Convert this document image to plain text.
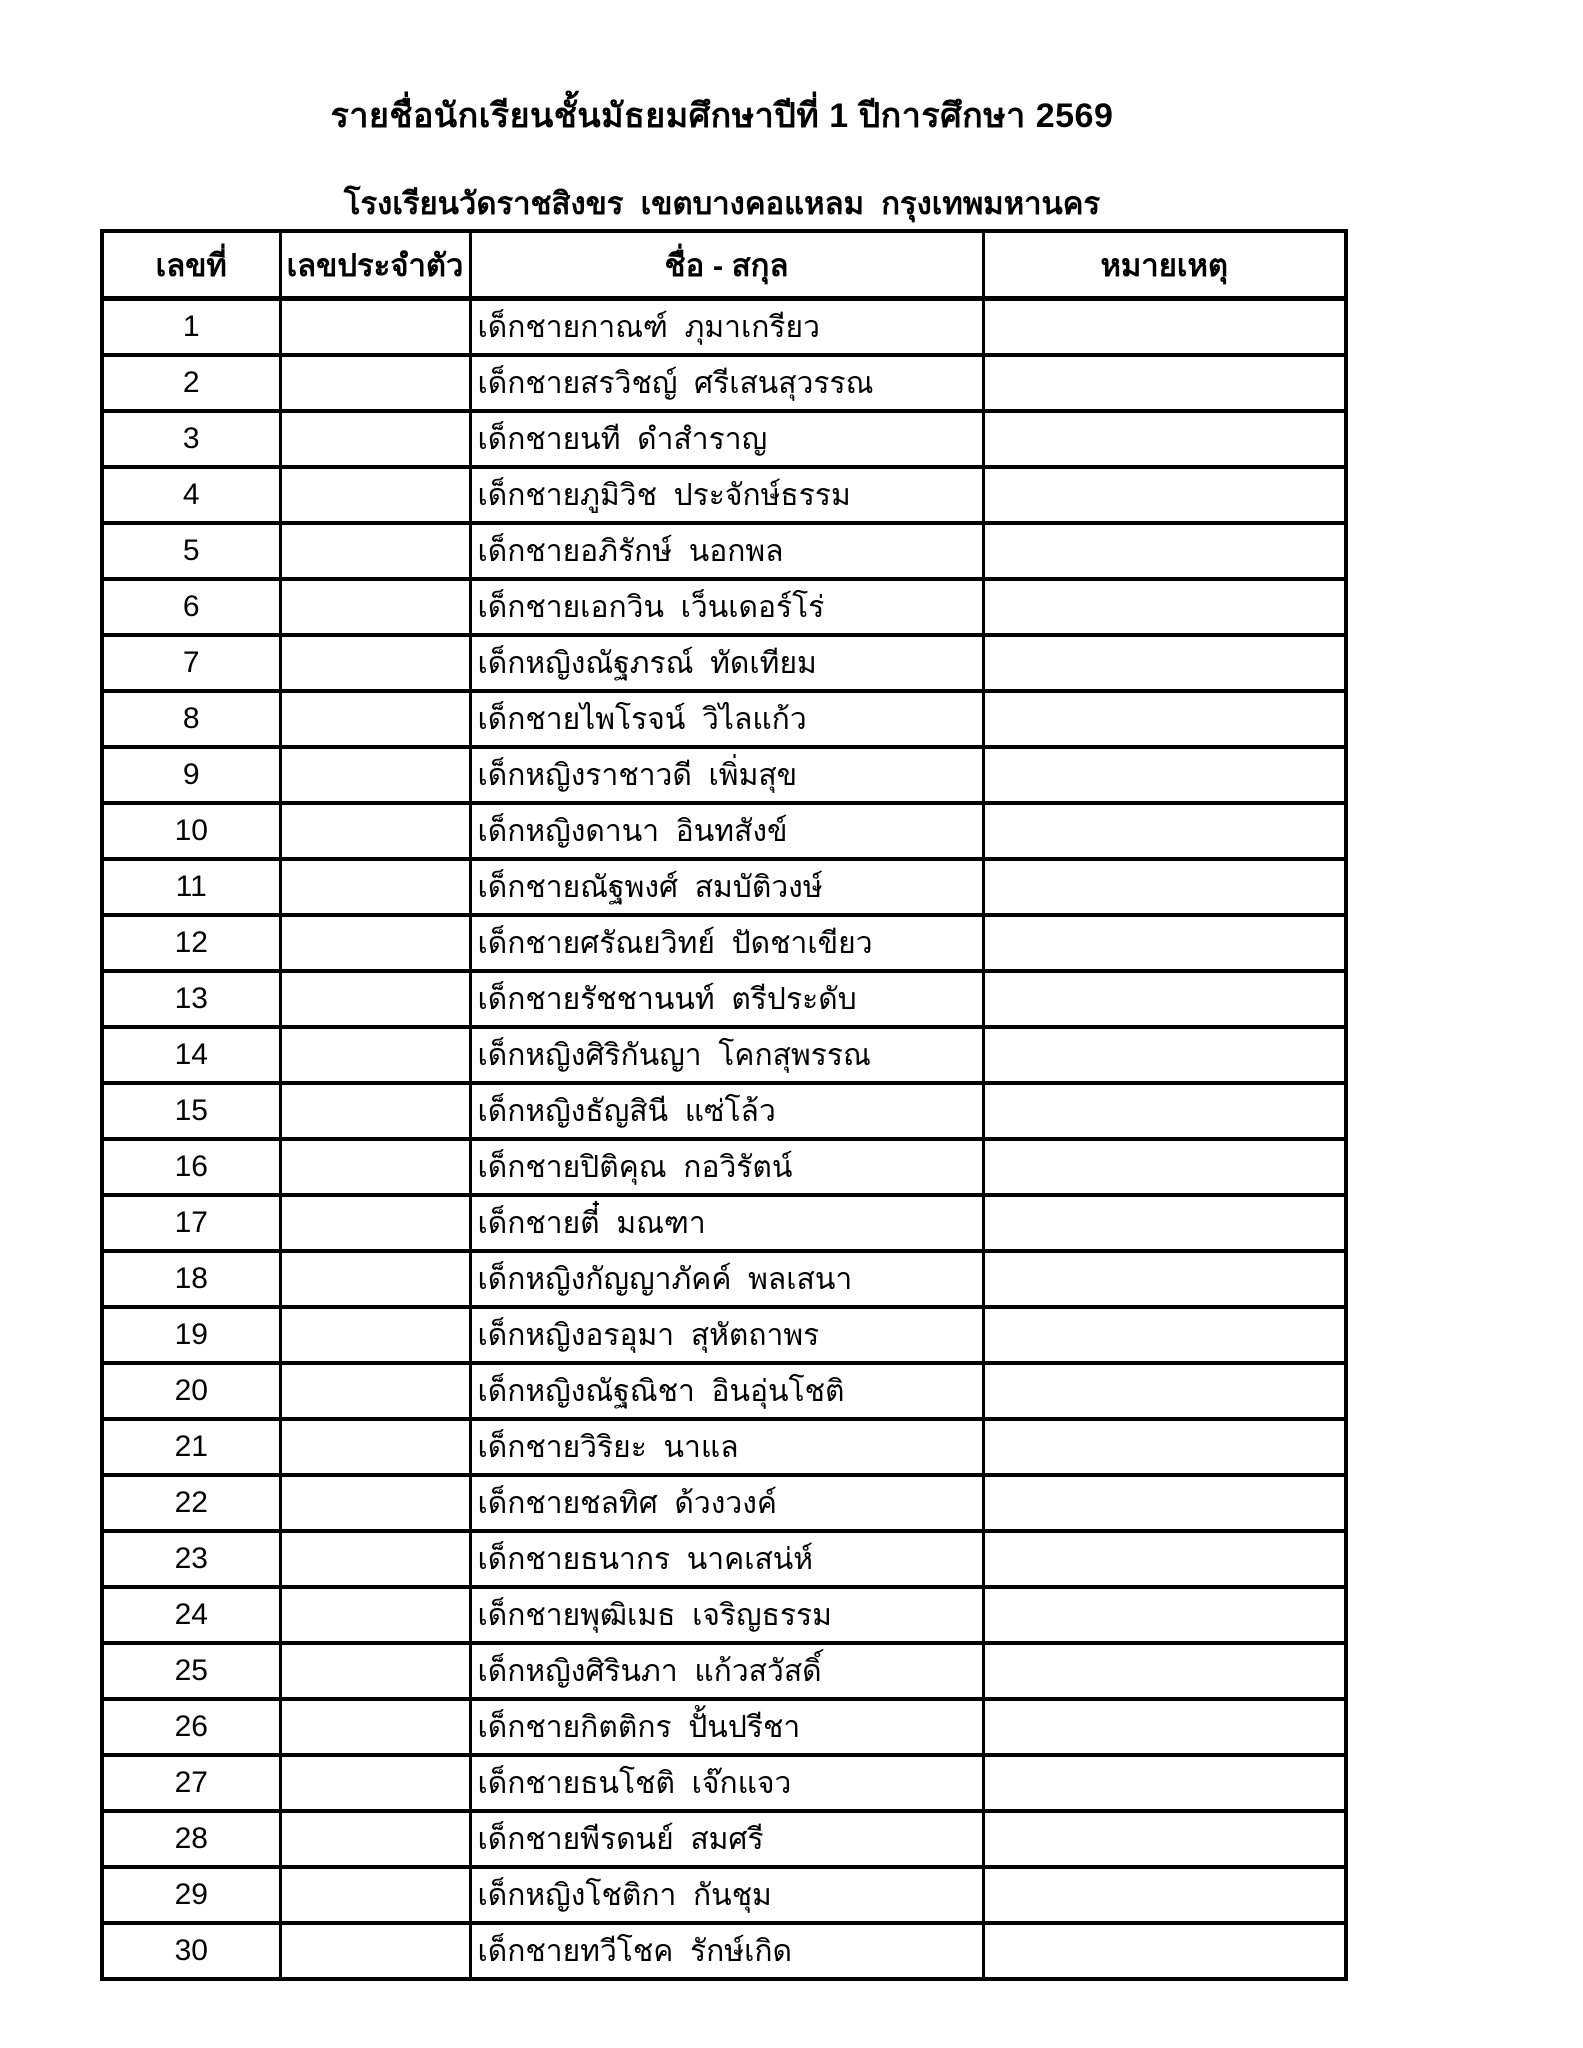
รายชื่อนักเรียนชั้นมัธยมศึกษาปีที่ 1 ปีการศึกษา 2569
โรงเรียนวัดราชสิงขร  เขตบางคอแหลม  กรุงเทพมหานคร
เลขที่	เลขประจำตัว	ชื่อ - สกุล	หมายเหตุ
1		เด็กชายกาณฑ์  ภุมาเกรียว	
2		เด็กชายสรวิชญ์  ศรีเสนสุวรรณ	
3		เด็กชายนที  ดำสำราญ	
4		เด็กชายภูมิวิช  ประจักษ์ธรรม	
5		เด็กชายอภิรักษ์  นอกพล	
6		เด็กชายเอกวิน  เว็นเดอร์โร่	
7		เด็กหญิงณัฐภรณ์  ทัดเทียม	
8		เด็กชายไพโรจน์  วิไลแก้ว	
9		เด็กหญิงราชาวดี  เพิ่มสุข	
10		เด็กหญิงดานา  อินทสังข์	
11		เด็กชายณัฐพงศ์  สมบัติวงษ์	
12		เด็กชายศรัณยวิทย์  ปัดชาเขียว	
13		เด็กชายรัชชานนท์  ตรีประดับ	
14		เด็กหญิงศิริกันญา  โคกสุพรรณ	
15		เด็กหญิงธัญสินี  แซ่โล้ว	
16		เด็กชายปิติคุณ  กอวิรัตน์	
17		เด็กชายตี๋  มณฑา	
18		เด็กหญิงกัญญาภัคค์  พลเสนา	
19		เด็กหญิงอรอุมา  สุหัตถาพร	
20		เด็กหญิงณัฐณิชา  อินอุ่นโชติ	
21		เด็กชายวิริยะ  นาแล	
22		เด็กชายชลทิศ  ด้วงวงค์	
23		เด็กชายธนากร  นาคเสน่ห์	
24		เด็กชายพุฒิเมธ  เจริญธรรม	
25		เด็กหญิงศิรินภา  แก้วสวัสดิ์	
26		เด็กชายกิตติกร  ปั้นปรีชา	
27		เด็กชายธนโชติ  เจ๊กแจว	
28		เด็กชายพีรดนย์  สมศรี	
29		เด็กหญิงโชติกา  กันชุม	
30		เด็กชายทวีโชค  รักษ์เกิด	
